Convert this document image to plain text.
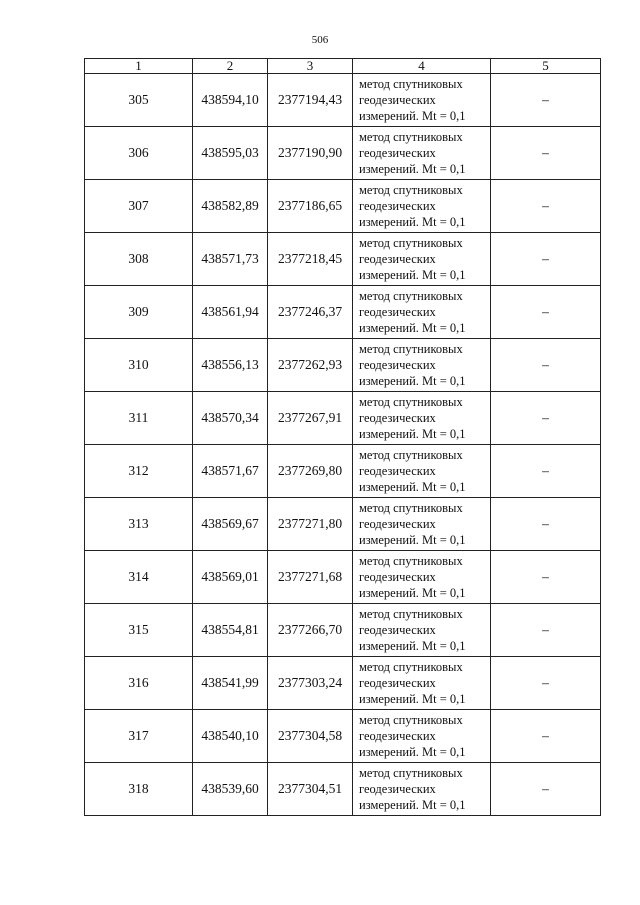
506
1	2	3	4	5
305	438594,10	2377194,43	метод спутниковых
геодезических
измерений. Mt = 0,1	–
306	438595,03	2377190,90	метод спутниковых
геодезических
измерений. Mt = 0,1	–
307	438582,89	2377186,65	метод спутниковых
геодезических
измерений. Mt = 0,1	–
308	438571,73	2377218,45	метод спутниковых
геодезических
измерений. Mt = 0,1	–
309	438561,94	2377246,37	метод спутниковых
геодезических
измерений. Mt = 0,1	–
310	438556,13	2377262,93	метод спутниковых
геодезических
измерений. Mt = 0,1	–
311	438570,34	2377267,91	метод спутниковых
геодезических
измерений. Mt = 0,1	–
312	438571,67	2377269,80	метод спутниковых
геодезических
измерений. Mt = 0,1	–
313	438569,67	2377271,80	метод спутниковых
геодезических
измерений. Mt = 0,1	–
314	438569,01	2377271,68	метод спутниковых
геодезических
измерений. Mt = 0,1	–
315	438554,81	2377266,70	метод спутниковых
геодезических
измерений. Mt = 0,1	–
316	438541,99	2377303,24	метод спутниковых
геодезических
измерений. Mt = 0,1	–
317	438540,10	2377304,58	метод спутниковых
геодезических
измерений. Mt = 0,1	–
318	438539,60	2377304,51	метод спутниковых
геодезических
измерений. Mt = 0,1	–
